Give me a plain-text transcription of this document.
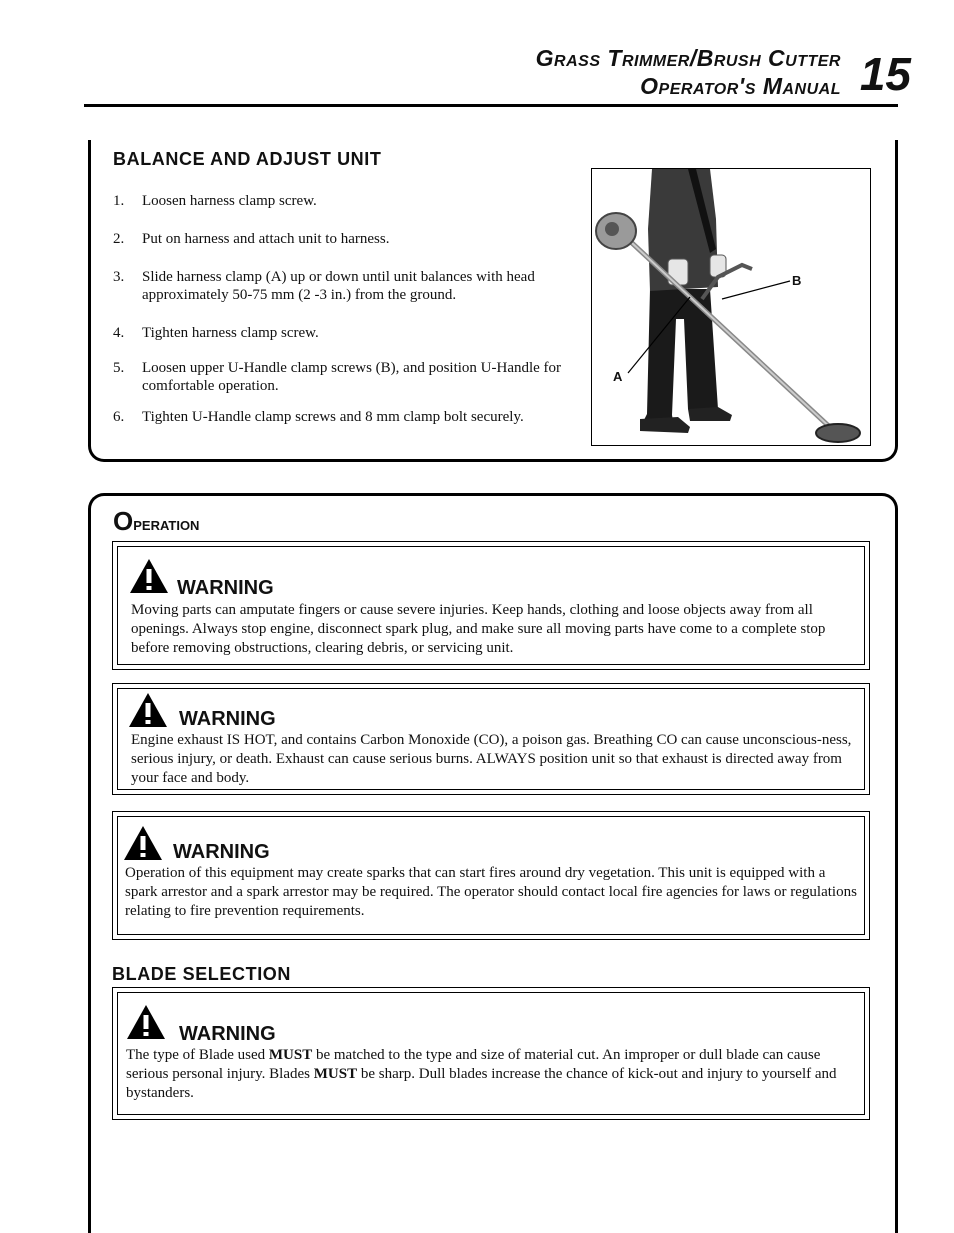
Grass Trimmer/Brush Cutter
Operator's Manual 15
BALANCE AND ADJUST UNIT
1. Loosen harness clamp screw.
2. Put on harness and attach unit to harness.
3. Slide harness clamp (A) up or down until unit balances with head approximately 50-75 mm (2 -3 in.) from the ground.
4. Tighten harness clamp screw.
5. Loosen upper U-Handle clamp screws (B), and position U-Handle for comfortable operation.
6. Tighten U-Handle clamp screws and 8 mm clamp bolt securely.
B
A
Operation
WARNING
Moving parts can amputate fingers or cause severe injuries. Keep hands, clothing and loose objects away from all openings. Always stop engine, disconnect spark plug, and make sure all moving parts have come to a complete stop before removing obstructions, clearing debris, or servicing unit.
WARNING
Engine exhaust IS HOT, and contains Carbon Monoxide (CO), a poison gas. Breathing CO can cause unconscious-ness, serious injury, or death. Exhaust can cause serious burns. ALWAYS position unit so that exhaust is directed away from your face and body.
WARNING
Operation of this equipment may create sparks that can start fires around dry vegetation. This unit is equipped with a spark arrestor and a spark arrestor may be required. The operator should contact local fire agencies for laws or regulations relating to fire prevention requirements.
BLADE SELECTION
WARNING
The type of Blade used MUST be matched to the type and size of material cut. An improper or dull blade can cause serious personal injury. Blades MUST be sharp. Dull blades increase the chance of kick-out and injury to yourself and bystanders.
